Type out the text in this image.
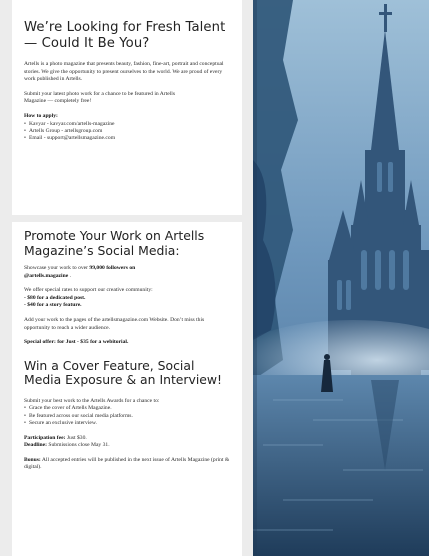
We’re Looking for Fresh Talent — Could It Be You?

Artells is a photo magazine that presents beauty, fashion, fine-art, portrait and conceptual stories. We give the opportunity to present ourselves to the world. We are proud of every work published in Artells.

Submit your latest photo work for a chance to be featured in Artells Magazine — completely free!

How to apply:

• Kavyar - kavyar.com/artells-magazine
• Artells Group - artellsgroup.com
• Email - support@artellsmagazine.com
Promote Your Work on Artells Magazine’s Social Media:

Showcase your work to over 99,000 followers on @artells.magazine .

We offer special rates to support our creative community:

- $80 for a dedicated post.

- $40 for a story feature.

Add your work to the pages of the artellsmagazine.com Website. Don’t miss this opportunity to reach a wider audience.

Special offer: for Just - $35 for a webitorial.

Win a Cover Feature, Social Media Exposure & an Interview!

Submit your best work to the Artells Awards for a chance to:

• Grace the cover of Artells Magazine.
• Be featured across our social media platforms.
• Secure an exclusive interview.

Participation fee: Just $30.

Deadline: Submissions close May 31.

Bonus: All accepted entries will be published in the next issue of Artells Magazine (print & digital).
